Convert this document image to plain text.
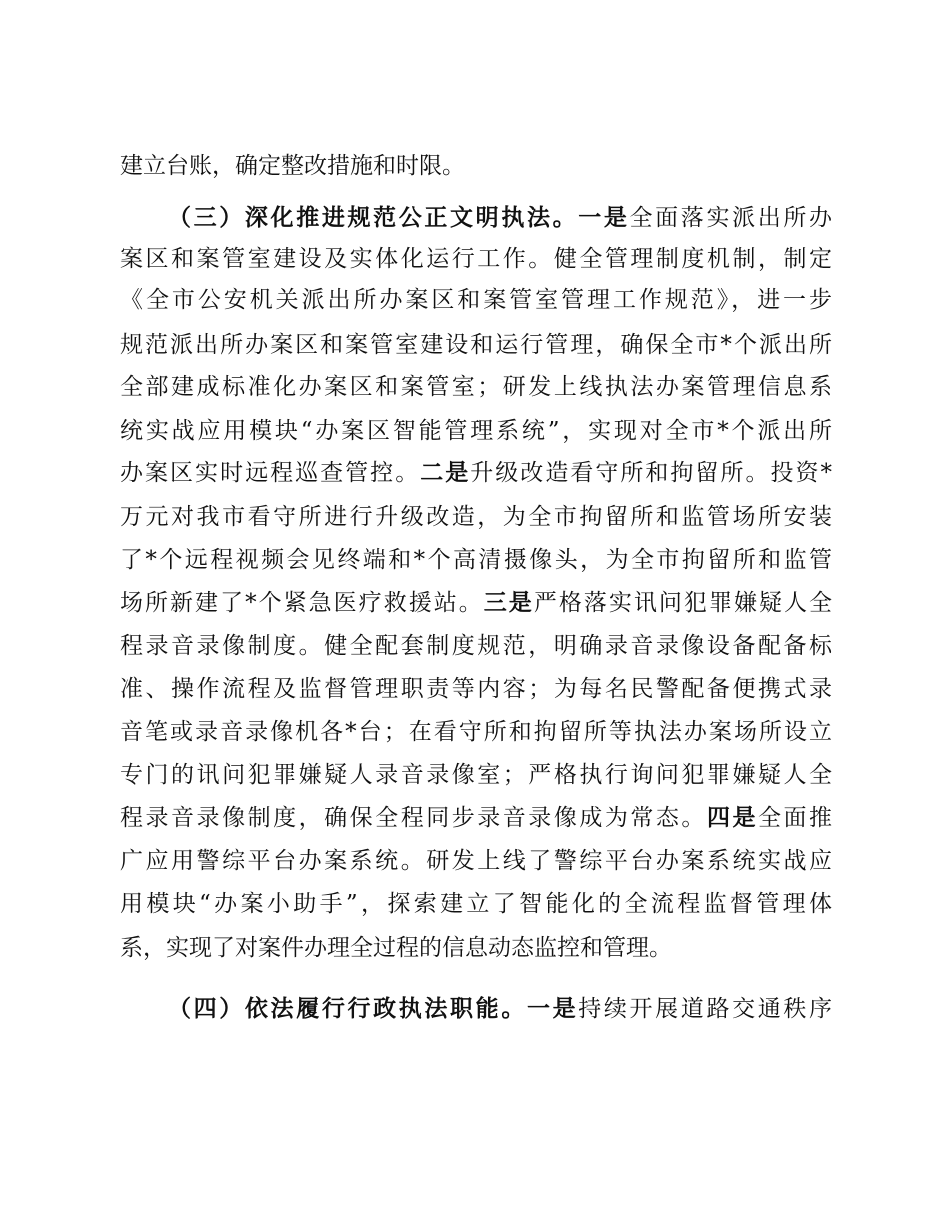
建立台账，确定整改措施和时限。
（三）深化推进规范公正文明执法。一是全面落实派出所办
案区和案管室建设及实体化运行工作。健全管理制度机制，制定
《全市公安机关派出所办案区和案管室管理工作规范》，进一步
规范派出所办案区和案管室建设和运行管理，确保全市*个派出所
全部建成标准化办案区和案管室；研发上线执法办案管理信息系
统实战应用模块“办案区智能管理系统”，实现对全市*个派出所
办案区实时远程巡查管控。二是升级改造看守所和拘留所。投资*
万元对我市看守所进行升级改造，为全市拘留所和监管场所安装
了*个远程视频会见终端和*个高清摄像头，为全市拘留所和监管
场所新建了*个紧急医疗救援站。三是严格落实讯问犯罪嫌疑人全
程录音录像制度。健全配套制度规范，明确录音录像设备配备标
准、操作流程及监督管理职责等内容；为每名民警配备便携式录
音笔或录音录像机各*台；在看守所和拘留所等执法办案场所设立
专门的讯问犯罪嫌疑人录音录像室；严格执行询问犯罪嫌疑人全
程录音录像制度，确保全程同步录音录像成为常态。四是全面推
广应用警综平台办案系统。研发上线了警综平台办案系统实战应
用模块“办案小助手”，探索建立了智能化的全流程监督管理体
系，实现了对案件办理全过程的信息动态监控和管理。
（四）依法履行行政执法职能。一是持续开展道路交通秩序
